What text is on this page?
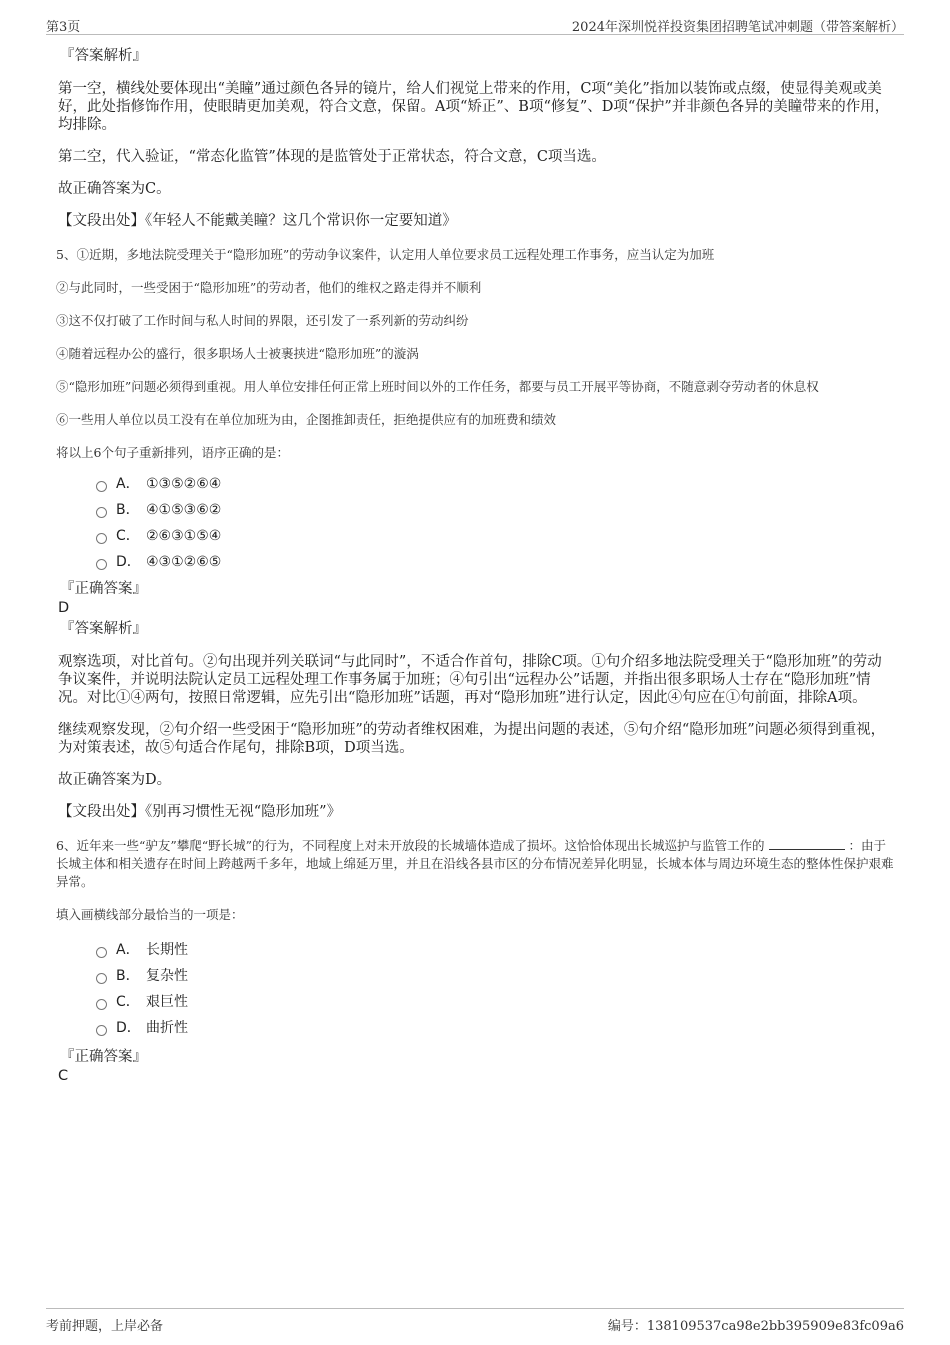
第3页	2024年深圳悦祥投资集团招聘笔试冲刺题（带答案解析）
『答案解析』

第一空，横线处要体现出“美瞳”通过颜色各异的镜片，给人们视觉上带来的作用，C项“美化”指加以装饰或点缀，使显得美观或美好，此处指修饰作用，使眼睛更加美观，符合文意，保留。A项“矫正”、B项“修复”、D项“保护”并非颜色各异的美瞳带来的作用，均排除。

第二空，代入验证，“常态化监管”体现的是监管处于正常状态，符合文意，C项当选。

故正确答案为C。

【文段出处】《年轻人不能戴美瞳？这几个常识你一定要知道》

5、①近期，多地法院受理关于“隐形加班”的劳动争议案件，认定用人单位要求员工远程处理工作事务，应当认定为加班

②与此同时，一些受困于“隐形加班”的劳动者，他们的维权之路走得并不顺利

③这不仅打破了工作时间与私人时间的界限，还引发了一系列新的劳动纠纷

④随着远程办公的盛行，很多职场人士被裹挟进“隐形加班”的漩涡

⑤“隐形加班”问题必须得到重视。用人单位安排任何正常上班时间以外的工作任务，都要与员工开展平等协商，不随意剥夺劳动者的休息权

⑥一些用人单位以员工没有在单位加班为由，企图推卸责任，拒绝提供应有的加班费和绩效

将以上6个句子重新排列，语序正确的是：

A． ①③⑤②⑥④
B． ④①⑤③⑥②
C． ②⑥③①⑤④
D． ④③①②⑥⑤
『正确答案』
D
『答案解析』

观察选项，对比首句。②句出现并列关联词“与此同时”，不适合作首句，排除C项。①句介绍多地法院受理关于“隐形加班”的劳动争议案件，并说明法院认定员工远程处理工作事务属于加班；④句引出“远程办公”话题，并指出很多职场人士存在“隐形加班”情况。对比①④两句，按照日常逻辑，应先引出“隐形加班”话题，再对“隐形加班”进行认定，因此④句应在①句前面，排除A项。

继续观察发现，②句介绍一些受困于“隐形加班”的劳动者维权困难，为提出问题的表述，⑤句介绍“隐形加班”问题必须得到重视，为对策表述，故⑤句适合作尾句，排除B项，D项当选。

故正确答案为D。

【文段出处】《别再习惯性无视“隐形加班”》

6、近年来一些“驴友”攀爬“野长城”的行为，不同程度上对未开放段的长城墙体造成了损坏。这恰恰体现出长城巡护与监管工作的	：由于长城主体和相关遗存在时间上跨越两千多年，地域上绵延万里，并且在沿线各县市区的分布情况差异化明显，长城本体与周边环境生态的整体性保护艰难异常。

填入画横线部分最恰当的一项是：

A． 长期性
B． 复杂性
C． 艰巨性
D． 曲折性
『正确答案』
C
考前押题，上岸必备	编号：138109537ca98e2bb395909e83fc09a6
